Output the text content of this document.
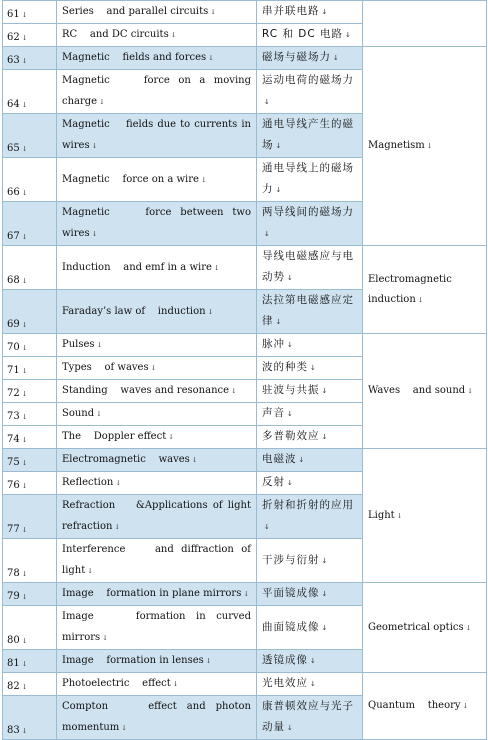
61 ↓	Series    and parallel circuits ↓	串并联电路 ↓	
62 ↓	RC    and DC circuits ↓	RC 和 DC 电路 ↓	
63 ↓	Magnetic    fields and forces ↓	磁场与磁场力 ↓	Magnetism ↓
64 ↓	Magnetic    force on a moving charge ↓	运动电荷的磁场力↓	
65 ↓	Magnetic    fields due to currents in wires ↓	通电导线产生的磁场 ↓	
66 ↓	Magnetic    force on a wire ↓	通电导线上的磁场力 ↓	
67 ↓	Magnetic    force between two wires ↓	两导线间的磁场力↓	
68 ↓	Induction    and emf in a wire ↓	导线电磁感应与电动势 ↓	Electromagnetic induction ↓
69 ↓	Faraday’s law of    induction ↓	法拉第电磁感应定律 ↓	
70 ↓	Pulses ↓	脉冲 ↓	Waves    and sound ↓
71 ↓	Types    of waves ↓	波的种类 ↓	
72 ↓	Standing    waves and resonance ↓	驻波与共振 ↓	
73 ↓	Sound ↓	声音 ↓	
74 ↓	The    Doppler effect ↓	多普勒效应 ↓	
75 ↓	Electromagnetic    waves ↓	电磁波 ↓	Light ↓
76 ↓	Reflection ↓	反射 ↓	
77 ↓	Refraction    &Applications of light refraction ↓	折射和折射的应用↓	
78 ↓	Interference    and diffraction of light ↓	干涉与衍射 ↓	
79 ↓	Image    formation in plane mirrors ↓	平面镜成像 ↓	Geometrical optics ↓
80 ↓	Image    formation in curved mirrors ↓	曲面镜成像 ↓	
81 ↓	Image    formation in lenses ↓	透镜成像 ↓	
82 ↓	Photoelectric    effect ↓	光电效应 ↓	Quantum    theory ↓
83 ↓	Compton    effect and photon momentum ↓	康普顿效应与光子动量 ↓	
